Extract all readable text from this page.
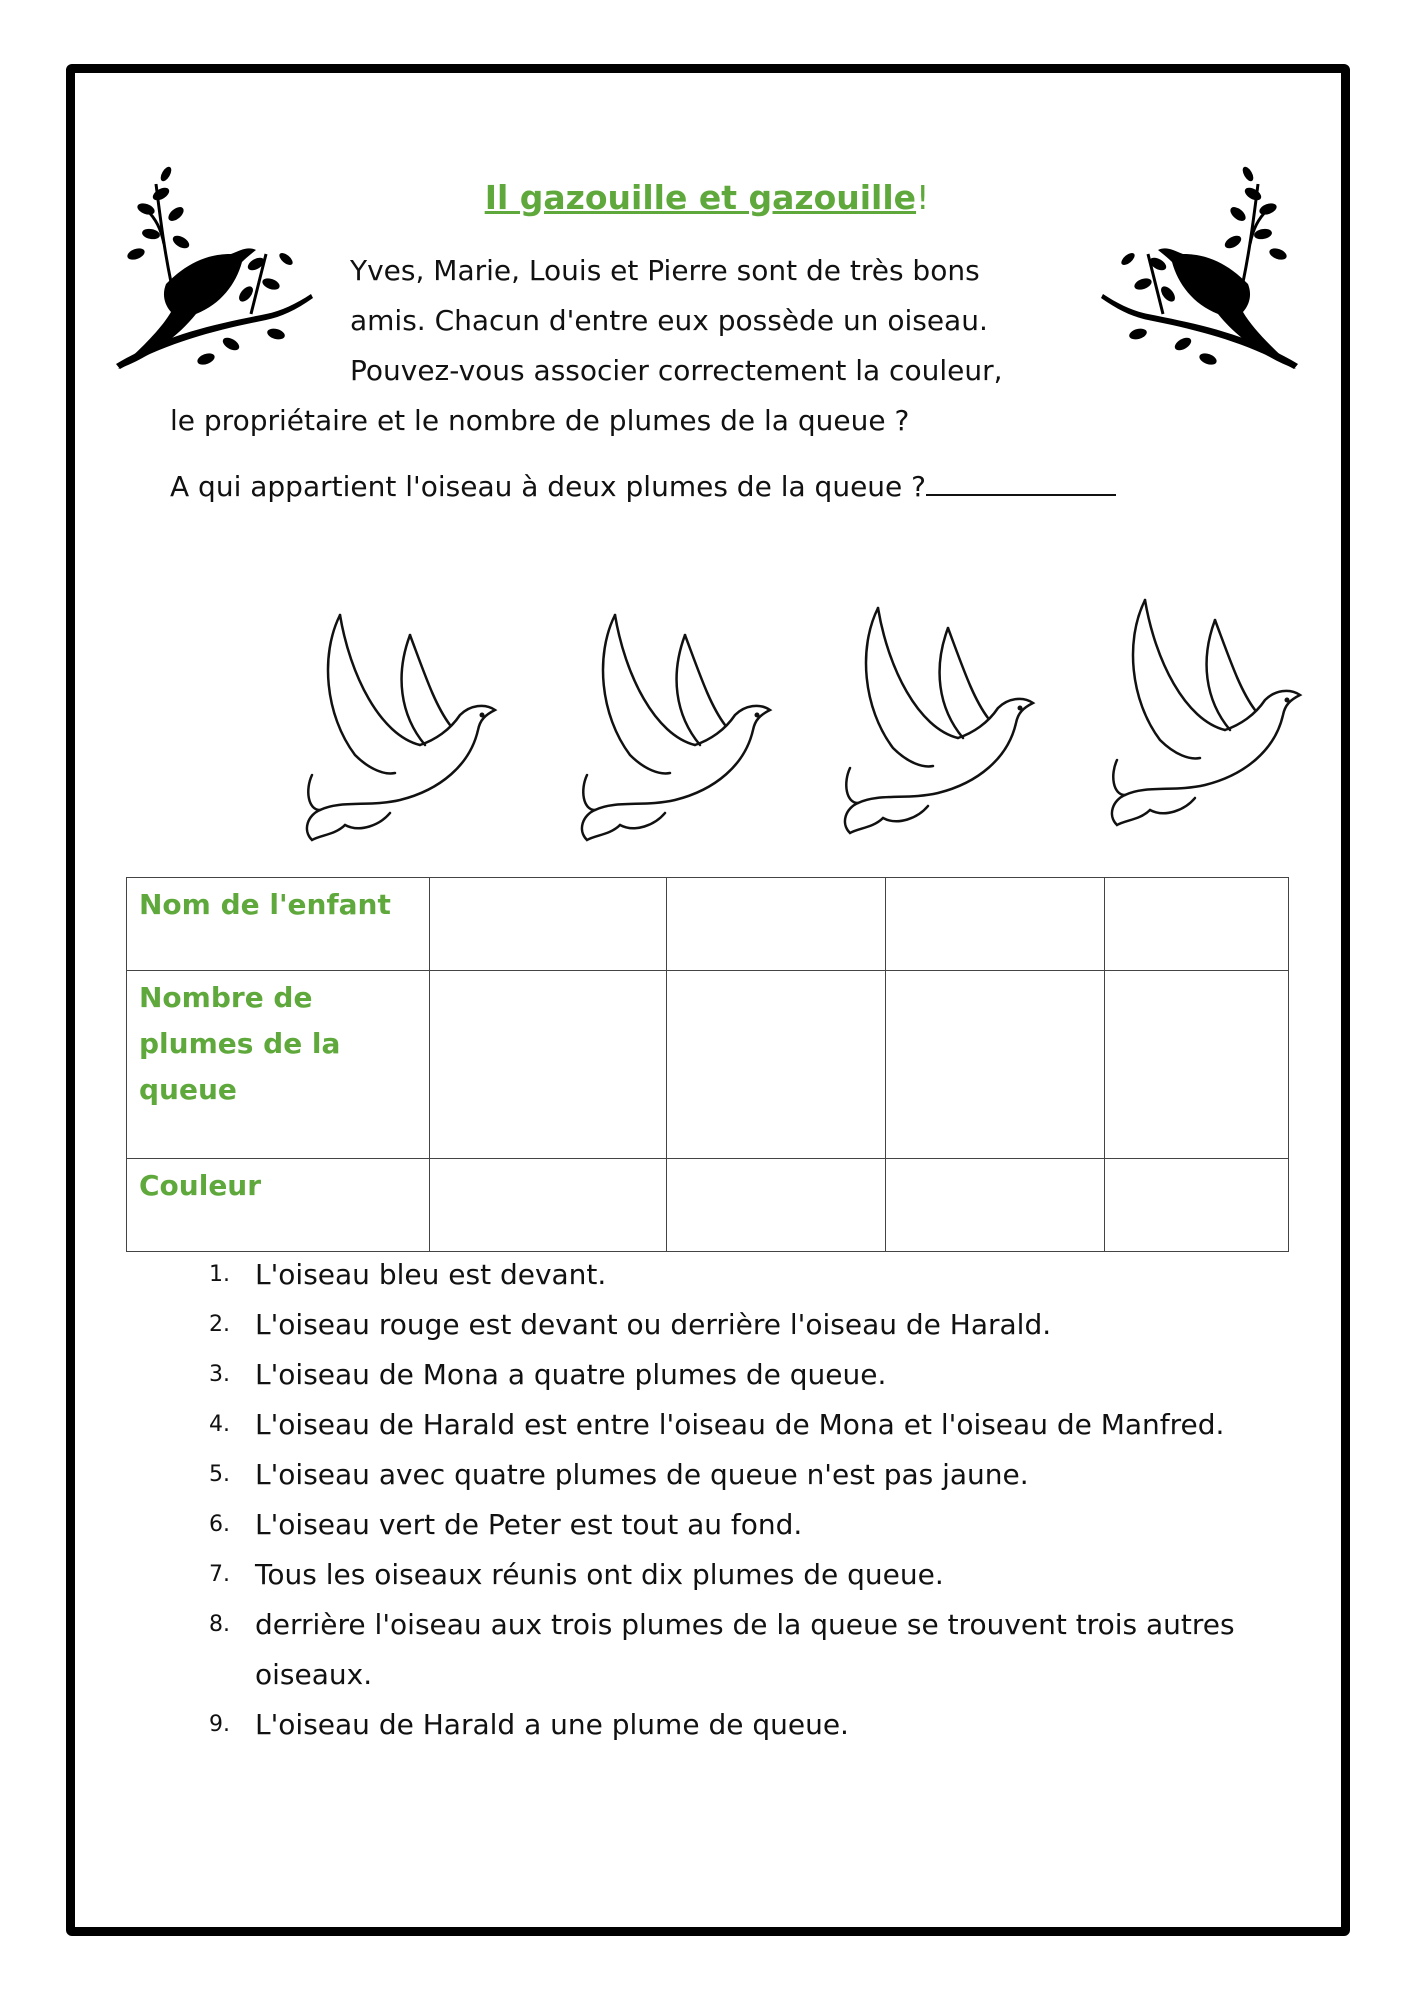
Il gazouille et gazouille!
Yves, Marie, Louis et Pierre sont de très bons
amis. Chacun d'entre eux possède un oiseau.
Pouvez-vous associer correctement la couleur,
le propriétaire et le nombre de plumes de la queue ?
A qui appartient l'oiseau à deux plumes de la queue ?
Nom de l'enfant				
Nombre de plumes de la queue				
Couleur				
1. L'oiseau bleu est devant.
2. L'oiseau rouge est devant ou derrière l'oiseau de Harald.
3. L'oiseau de Mona a quatre plumes de queue.
4. L'oiseau de Harald est entre l'oiseau de Mona et l'oiseau de Manfred.
5. L'oiseau avec quatre plumes de queue n'est pas jaune.
6. L'oiseau vert de Peter est tout au fond.
7. Tous les oiseaux réunis ont dix plumes de queue.
8. derrière l'oiseau aux trois plumes de la queue se trouvent trois autres oiseaux.
9. L'oiseau de Harald a une plume de queue.
